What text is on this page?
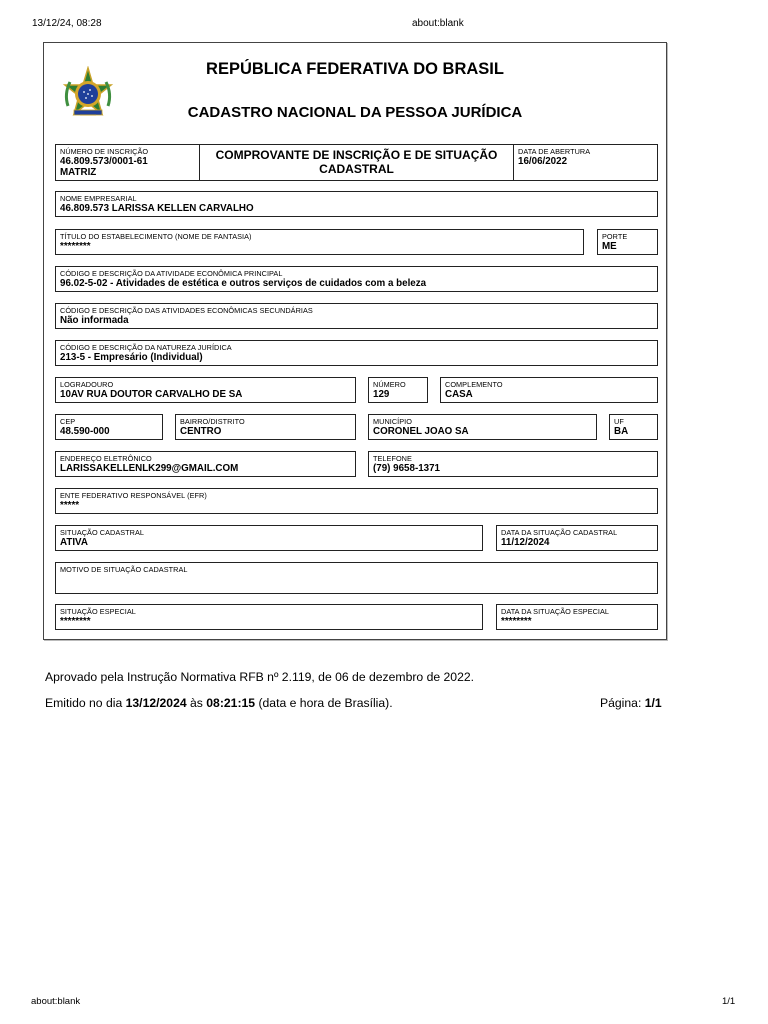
13/12/24, 08:28	about:blank
REPÚBLICA FEDERATIVA DO BRASIL
CADASTRO NACIONAL DA PESSOA JURÍDICA
NÚMERO DE INSCRIÇÃO
46.809.573/0001-61
MATRIZ
COMPROVANTE DE INSCRIÇÃO E DE SITUAÇÃO CADASTRAL
DATA DE ABERTURA
16/06/2022
NOME EMPRESARIAL
46.809.573 LARISSA KELLEN CARVALHO
TÍTULO DO ESTABELECIMENTO (NOME DE FANTASIA)
********
PORTE
ME
CÓDIGO E DESCRIÇÃO DA ATIVIDADE ECONÔMICA PRINCIPAL
96.02-5-02 - Atividades de estética e outros serviços de cuidados com a beleza
CÓDIGO E DESCRIÇÃO DAS ATIVIDADES ECONÔMICAS SECUNDÁRIAS
Não informada
CÓDIGO E DESCRIÇÃO DA NATUREZA JURÍDICA
213-5 - Empresário (Individual)
LOGRADOURO
10AV RUA DOUTOR CARVALHO DE SA
NÚMERO
129
COMPLEMENTO
CASA
CEP
48.590-000
BAIRRO/DISTRITO
CENTRO
MUNICÍPIO
CORONEL JOAO SA
UF
BA
ENDEREÇO ELETRÔNICO
LARISSAKELLENLK299@GMAIL.COM
TELEFONE
(79) 9658-1371
ENTE FEDERATIVO RESPONSÁVEL (EFR)
*****
SITUAÇÃO CADASTRAL
ATIVA
DATA DA SITUAÇÃO CADASTRAL
11/12/2024
MOTIVO DE SITUAÇÃO CADASTRAL
SITUAÇÃO ESPECIAL
********
DATA DA SITUAÇÃO ESPECIAL
********
Aprovado pela Instrução Normativa RFB nº 2.119, de 06 de dezembro de 2022.
Emitido no dia 13/12/2024 às 08:21:15 (data e hora de Brasília).	Página: 1/1
about:blank	1/1
